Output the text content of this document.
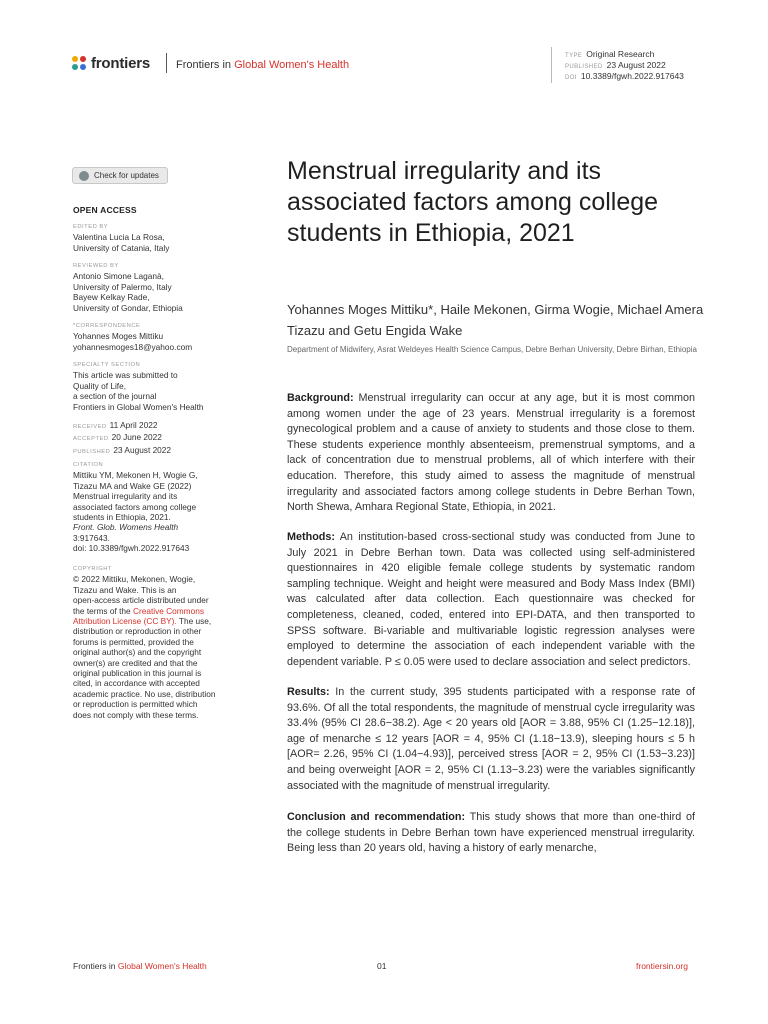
frontiers Frontiers in Global Women's Health
TYPE Original Research
PUBLISHED 23 August 2022
DOI 10.3389/fgwh.2022.917643
Check for updates
OPEN ACCESS
EDITED BY
Valentina Lucia La Rosa,
University of Catania, Italy
REVIEWED BY
Antonio Simone Laganà,
University of Palermo, Italy
Bayew Kelkay Rade,
University of Gondar, Ethiopia
*CORRESPONDENCE
Yohannes Moges Mittiku
yohannesmoges18@yahoo.com
SPECIALTY SECTION
This article was submitted to
Quality of Life,
a section of the journal
Frontiers in Global Women's Health
RECEIVED 11 April 2022
ACCEPTED 20 June 2022
PUBLISHED 23 August 2022
CITATION
Mittiku YM, Mekonen H, Wogie G,
Tizazu MA and Wake GE (2022)
Menstrual irregularity and its
associated factors among college
students in Ethiopia, 2021.
Front. Glob. Womens Health
3:917643.
doi: 10.3389/fgwh.2022.917643
COPYRIGHT
© 2022 Mittiku, Mekonen, Wogie,
Tizazu and Wake. This is an
open-access article distributed under
the terms of the Creative Commons
Attribution License (CC BY). The use,
distribution or reproduction in other
forums is permitted, provided the
original author(s) and the copyright
owner(s) are credited and that the
original publication in this journal is
cited, in accordance with accepted
academic practice. No use, distribution
or reproduction is permitted which
does not comply with these terms.
Menstrual irregularity and its associated factors among college students in Ethiopia, 2021
Yohannes Moges Mittiku*, Haile Mekonen, Girma Wogie, Michael Amera Tizazu and Getu Engida Wake
Department of Midwifery, Asrat Weldeyes Health Science Campus, Debre Berhan University, Debre Birhan, Ethiopia

Background: Menstrual irregularity can occur at any age, but it is most common among women under the age of 23 years. Menstrual irregularity is a foremost gynecological problem and a cause of anxiety to students and those close to them. These students experience monthly absenteeism, premenstrual symptoms, and a lack of concentration due to menstrual problems, all of which interfere with their education. Therefore, this study aimed to assess the magnitude of menstrual irregularity and associated factors among college students in Debre Berhan Town, North Shewa, Amhara Regional State, Ethiopia, in 2021.

Methods: An institution-based cross-sectional study was conducted from June to July 2021 in Debre Berhan town. Data was collected using self-administered questionnaires in 420 eligible female college students by systematic random sampling technique. Weight and height were measured and Body Mass Index (BMI) was calculated after data collection. Each questionnaire was checked for completeness, cleaned, coded, entered into EPI-DATA, and then transported to SPSS software. Bi-variable and multivariable logistic regression analyses were employed to determine the association of each independent variable with the dependent variable. P ≤ 0.05 were used to declare association and select predictors.

Results: In the current study, 395 students participated with a response rate of 93.6%. Of all the total respondents, the magnitude of menstrual cycle irregularity was 33.4% (95% CI 28.6−38.2). Age < 20 years old [AOR = 3.88, 95% CI (1.25−12.18)], age of menarche ≤ 12 years [AOR = 4, 95% CI (1.18−13.9), sleeping hours ≤ 5 h [AOR= 2.26, 95% CI (1.04−4.93)], perceived stress [AOR = 2, 95% CI (1.53−3.23)] and being overweight [AOR = 2, 95% CI (1.13−3.23) were the variables significantly associated with the magnitude of menstrual irregularity.

Conclusion and recommendation: This study shows that more than one-third of the college students in Debre Berhan town have experienced menstrual irregularity. Being less than 20 years old, having a history of early menarche,

Frontiers in Global Women's Health	01	frontiersin.org
